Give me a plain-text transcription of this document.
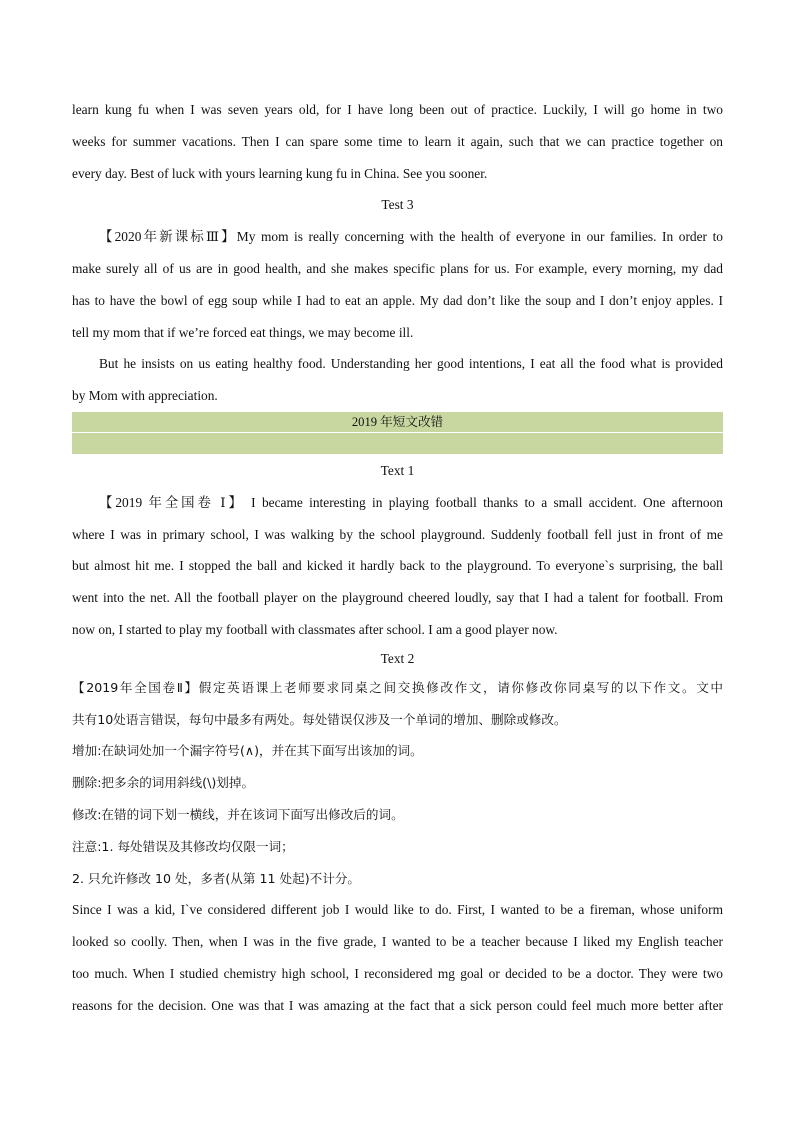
learn kung fu when I was seven years old, for I have long been out of practice. Luckily, I will go home in two
weeks for summer vacations. Then I can spare some time to learn it again, such that we can practice together on
every day. Best of luck with yours learning kung fu in China. See you sooner.
Test 3
【2020年新课标Ⅲ】My mom is really concerning with the health of everyone in our families. In order to
make surely all of us are in good health, and she makes specific plans for us. For example, every morning, my dad
has to have the bowl of egg soup while I had to eat an apple. My dad don’t like the soup and I don’t enjoy apples. I
tell my mom that if we’re forced eat things, we may become ill.
But he insists on us eating healthy food. Understanding her good intentions, I eat all the food what is provided
by Mom with appreciation.
2019 年短文改错
Text 1
【2019 年全国卷 Ⅰ】 I became interesting in playing football thanks to a small accident. One afternoon
where I was in primary school, I was walking by the school playground. Suddenly football fell just in front of me
but almost hit me. I stopped the ball and kicked it hardly back to the playground. To everyone`s surprising, the ball
went into the net. All the football player on the playground cheered loudly, say that I had a talent for football. From
now on, I started to play my football with classmates after school. I am a good player now.
Text 2
【2019年全国卷Ⅱ】假定英语课上老师要求同桌之间交换修改作文，请你修改你同桌写的以下作文。文中
共有10处语言错误，每句中最多有两处。每处错误仅涉及一个单词的增加、删除或修改。
增加:在缺词处加一个漏字符号(∧)，并在其下面写出该加的词。
删除:把多余的词用斜线(\)划掉。
修改:在错的词下划一横线，并在该词下面写出修改后的词。
注意:1. 每处错误及其修改均仅限一词；
2. 只允许修改 10 处，多者(从第 11 处起)不计分。
Since I was a kid, I`ve considered different job I would like to do. First, I wanted to be a fireman, whose uniform
looked so coolly. Then, when I was in the five grade, I wanted to be a teacher because I liked my English teacher
too much. When I studied chemistry high school, I reconsidered mg goal or decided to be a doctor. They were two
reasons for the decision. One was that I was amazing at the fact that a sick person could feel much more better after
